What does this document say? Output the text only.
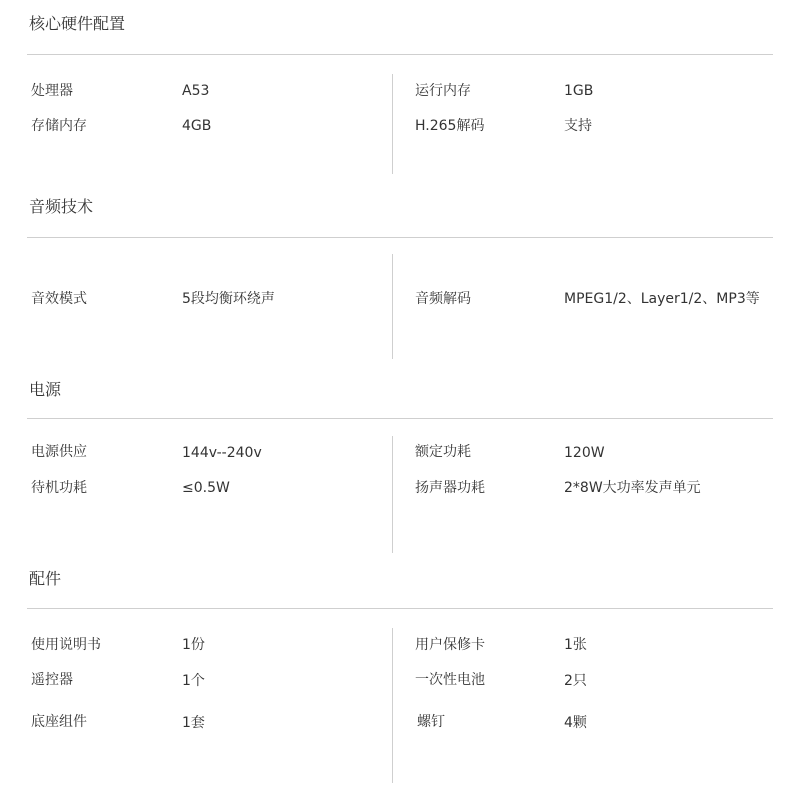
核心硬件配置
处理器	A53	运行内存	1GB
存储内存	4GB	H.265解码	支持
音频技术
音效模式	5段均衡环绕声	音频解码	MPEG1/2、Layer1/2、MP3等
电源
电源供应	144v--240v	额定功耗	120W
待机功耗	≤0.5W	扬声器功耗	2*8W大功率发声单元
配件
使用说明书	1份	用户保修卡	1张
遥控器	1个	一次性电池	2只
底座组件	1套	螺钉	4颗
